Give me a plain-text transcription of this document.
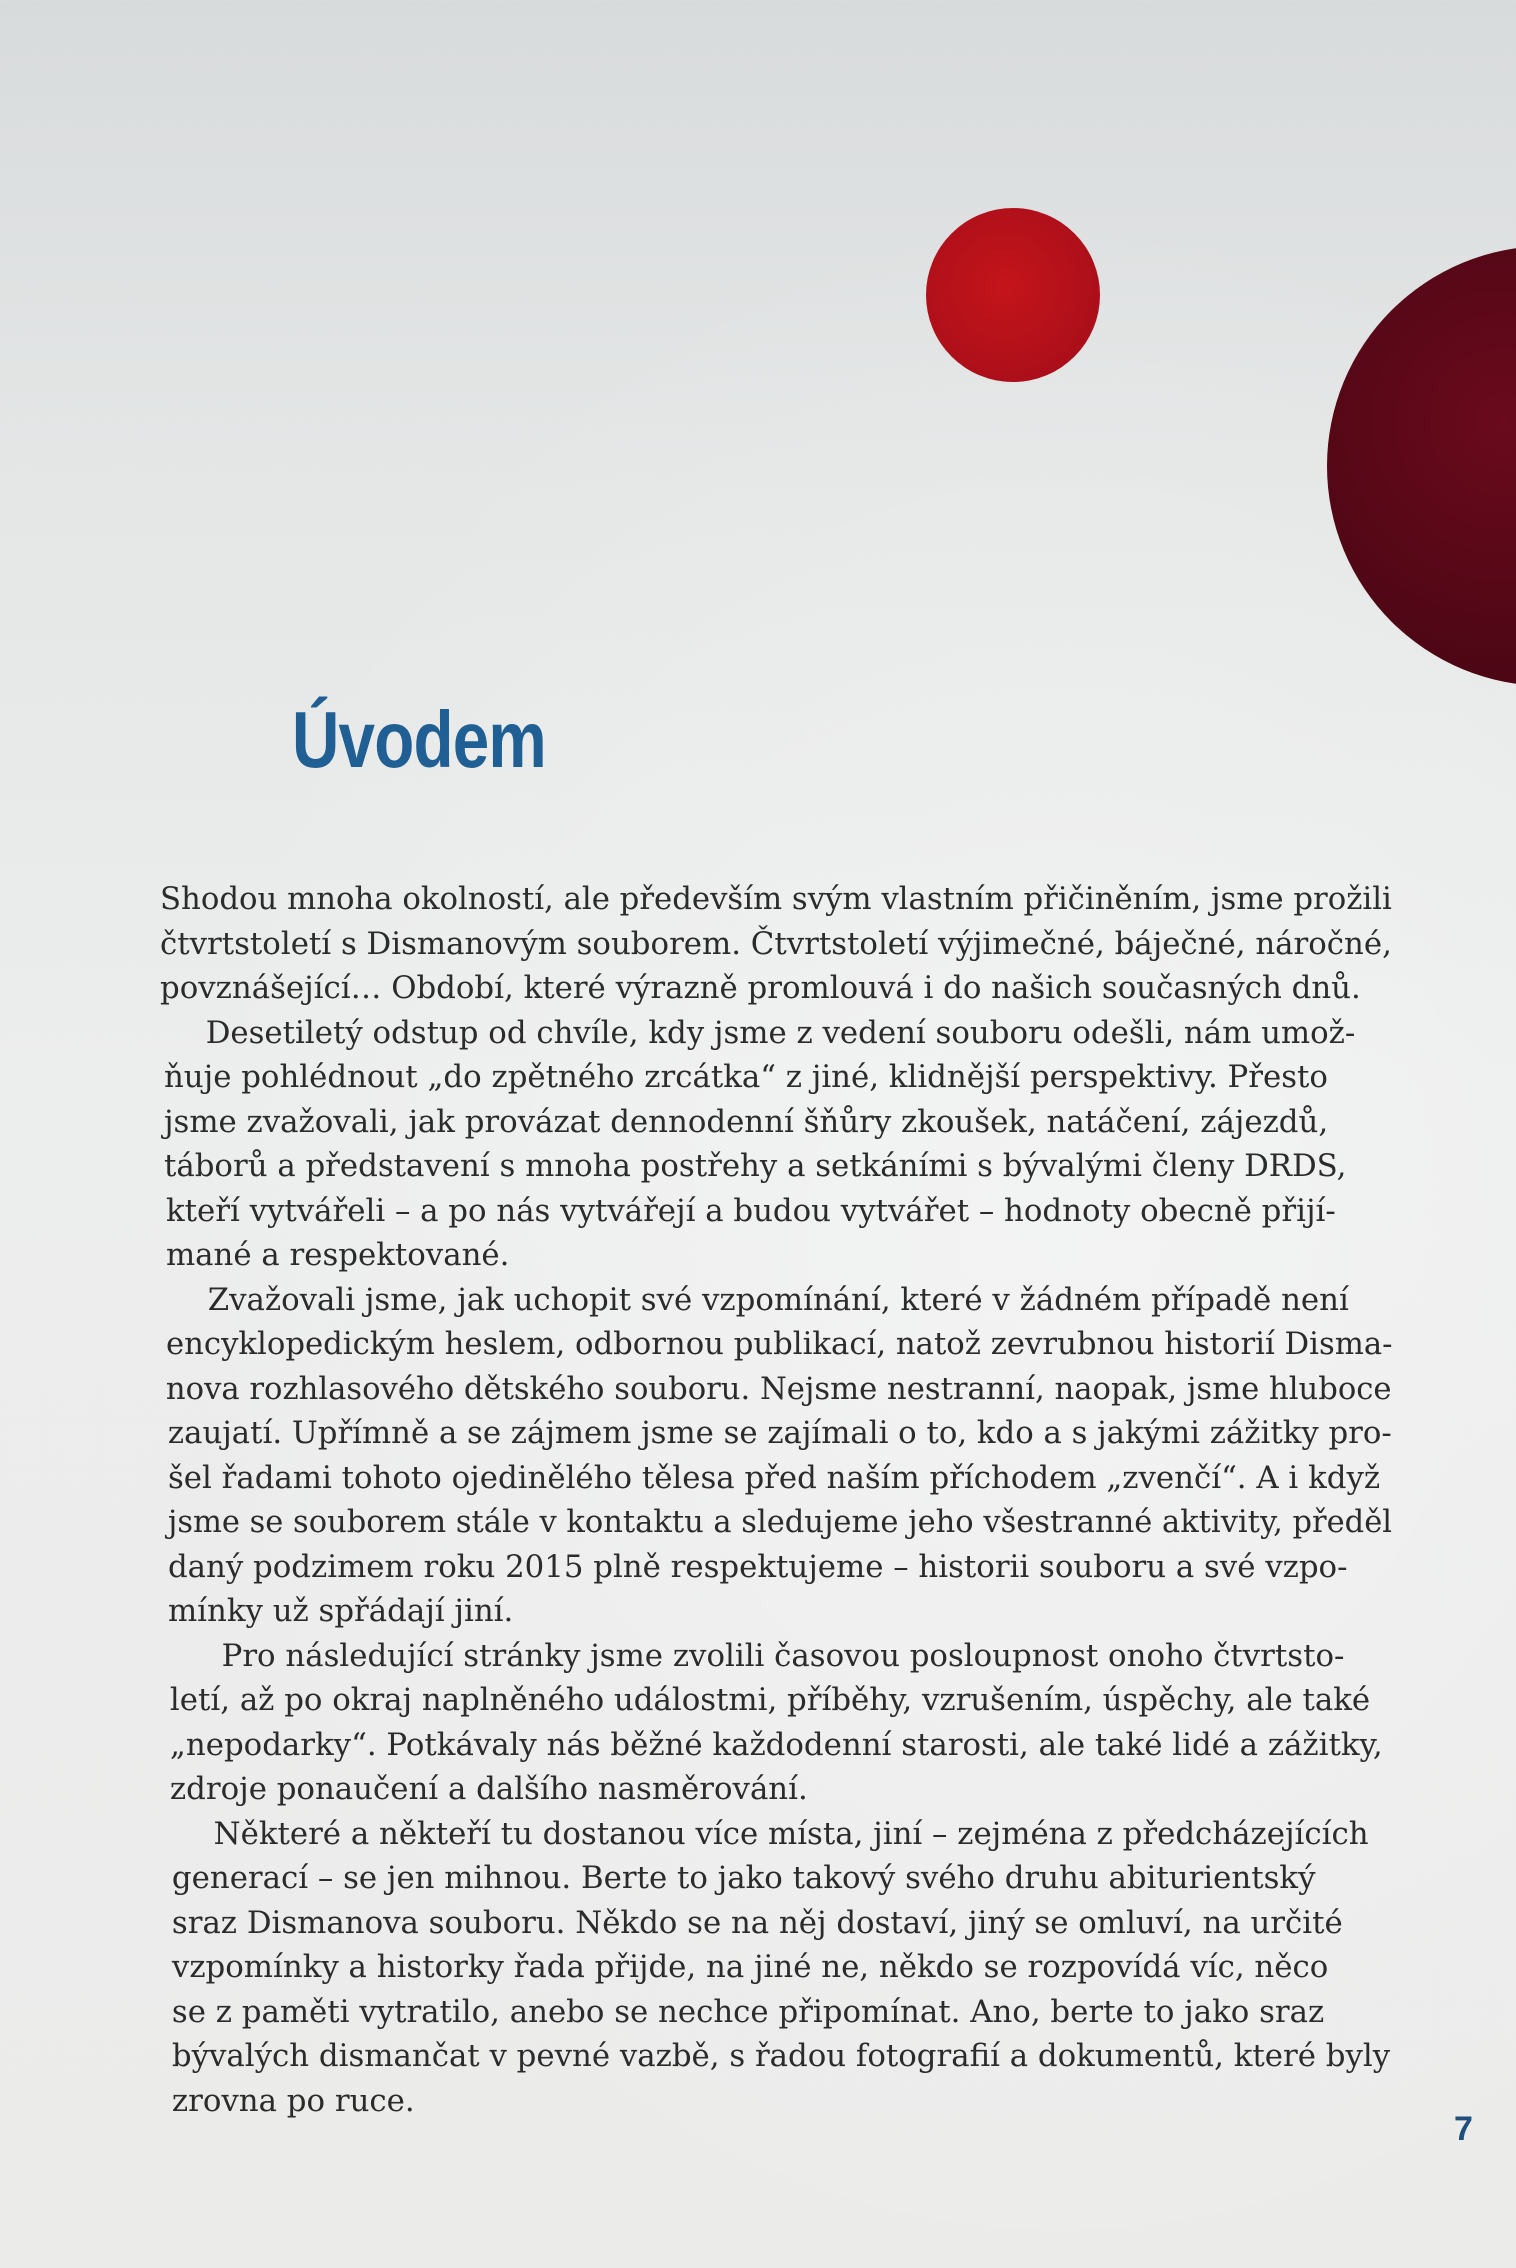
Úvodem
Shodou mnoha okolností, ale především svým vlastním přičiněním, jsme prožili
čtvrtstoletí s Dismanovým souborem. Čtvrtstoletí výjimečné, báječné, náročné,
povznášející… Období, které výrazně promlouvá i do našich současných dnů.
Desetiletý odstup od chvíle, kdy jsme z vedení souboru odešli, nám umož-
ňuje pohlédnout „do zpětného zrcátka“ z jiné, klidnější perspektivy. Přesto
jsme zvažovali, jak provázat dennodenní šňůry zkoušek, natáčení, zájezdů,
táborů a představení s mnoha postřehy a setkáními s bývalými členy DRDS,
kteří vytvářeli – a po nás vytvářejí a budou vytvářet – hodnoty obecně přijí-
mané a respektované.
Zvažovali jsme, jak uchopit své vzpomínání, které v žádném případě není
encyklopedickým heslem, odbornou publikací, natož zevrubnou historií Disma-
nova rozhlasového dětského souboru. Nejsme nestranní, naopak, jsme hluboce
zaujatí. Upřímně a se zájmem jsme se zajímali o to, kdo a s jakými zážitky pro-
šel řadami tohoto ojedinělého tělesa před naším příchodem „zvenčí“. A i když
jsme se souborem stále v kontaktu a sledujeme jeho všestranné aktivity, předěl
daný podzimem roku 2015 plně respektujeme – historii souboru a své vzpo-
mínky už spřádají jiní.
Pro následující stránky jsme zvolili časovou posloupnost onoho čtvrtsto-
letí, až po okraj naplněného událostmi, příběhy, vzrušením, úspěchy, ale také
„nepodarky“. Potkávaly nás běžné každodenní starosti, ale také lidé a zážitky,
zdroje ponaučení a dalšího nasměrování.
Některé a někteří tu dostanou více místa, jiní – zejména z předcházejících
generací – se jen mihnou. Berte to jako takový svého druhu abiturientský
sraz Dismanova souboru. Někdo se na něj dostaví, jiný se omluví, na určité
vzpomínky a historky řada přijde, na jiné ne, někdo se rozpovídá víc, něco
se z paměti vytratilo, anebo se nechce připomínat. Ano, berte to jako sraz
bývalých dismančat v pevné vazbě, s řadou fotografií a dokumentů, které byly
zrovna po ruce.
7
